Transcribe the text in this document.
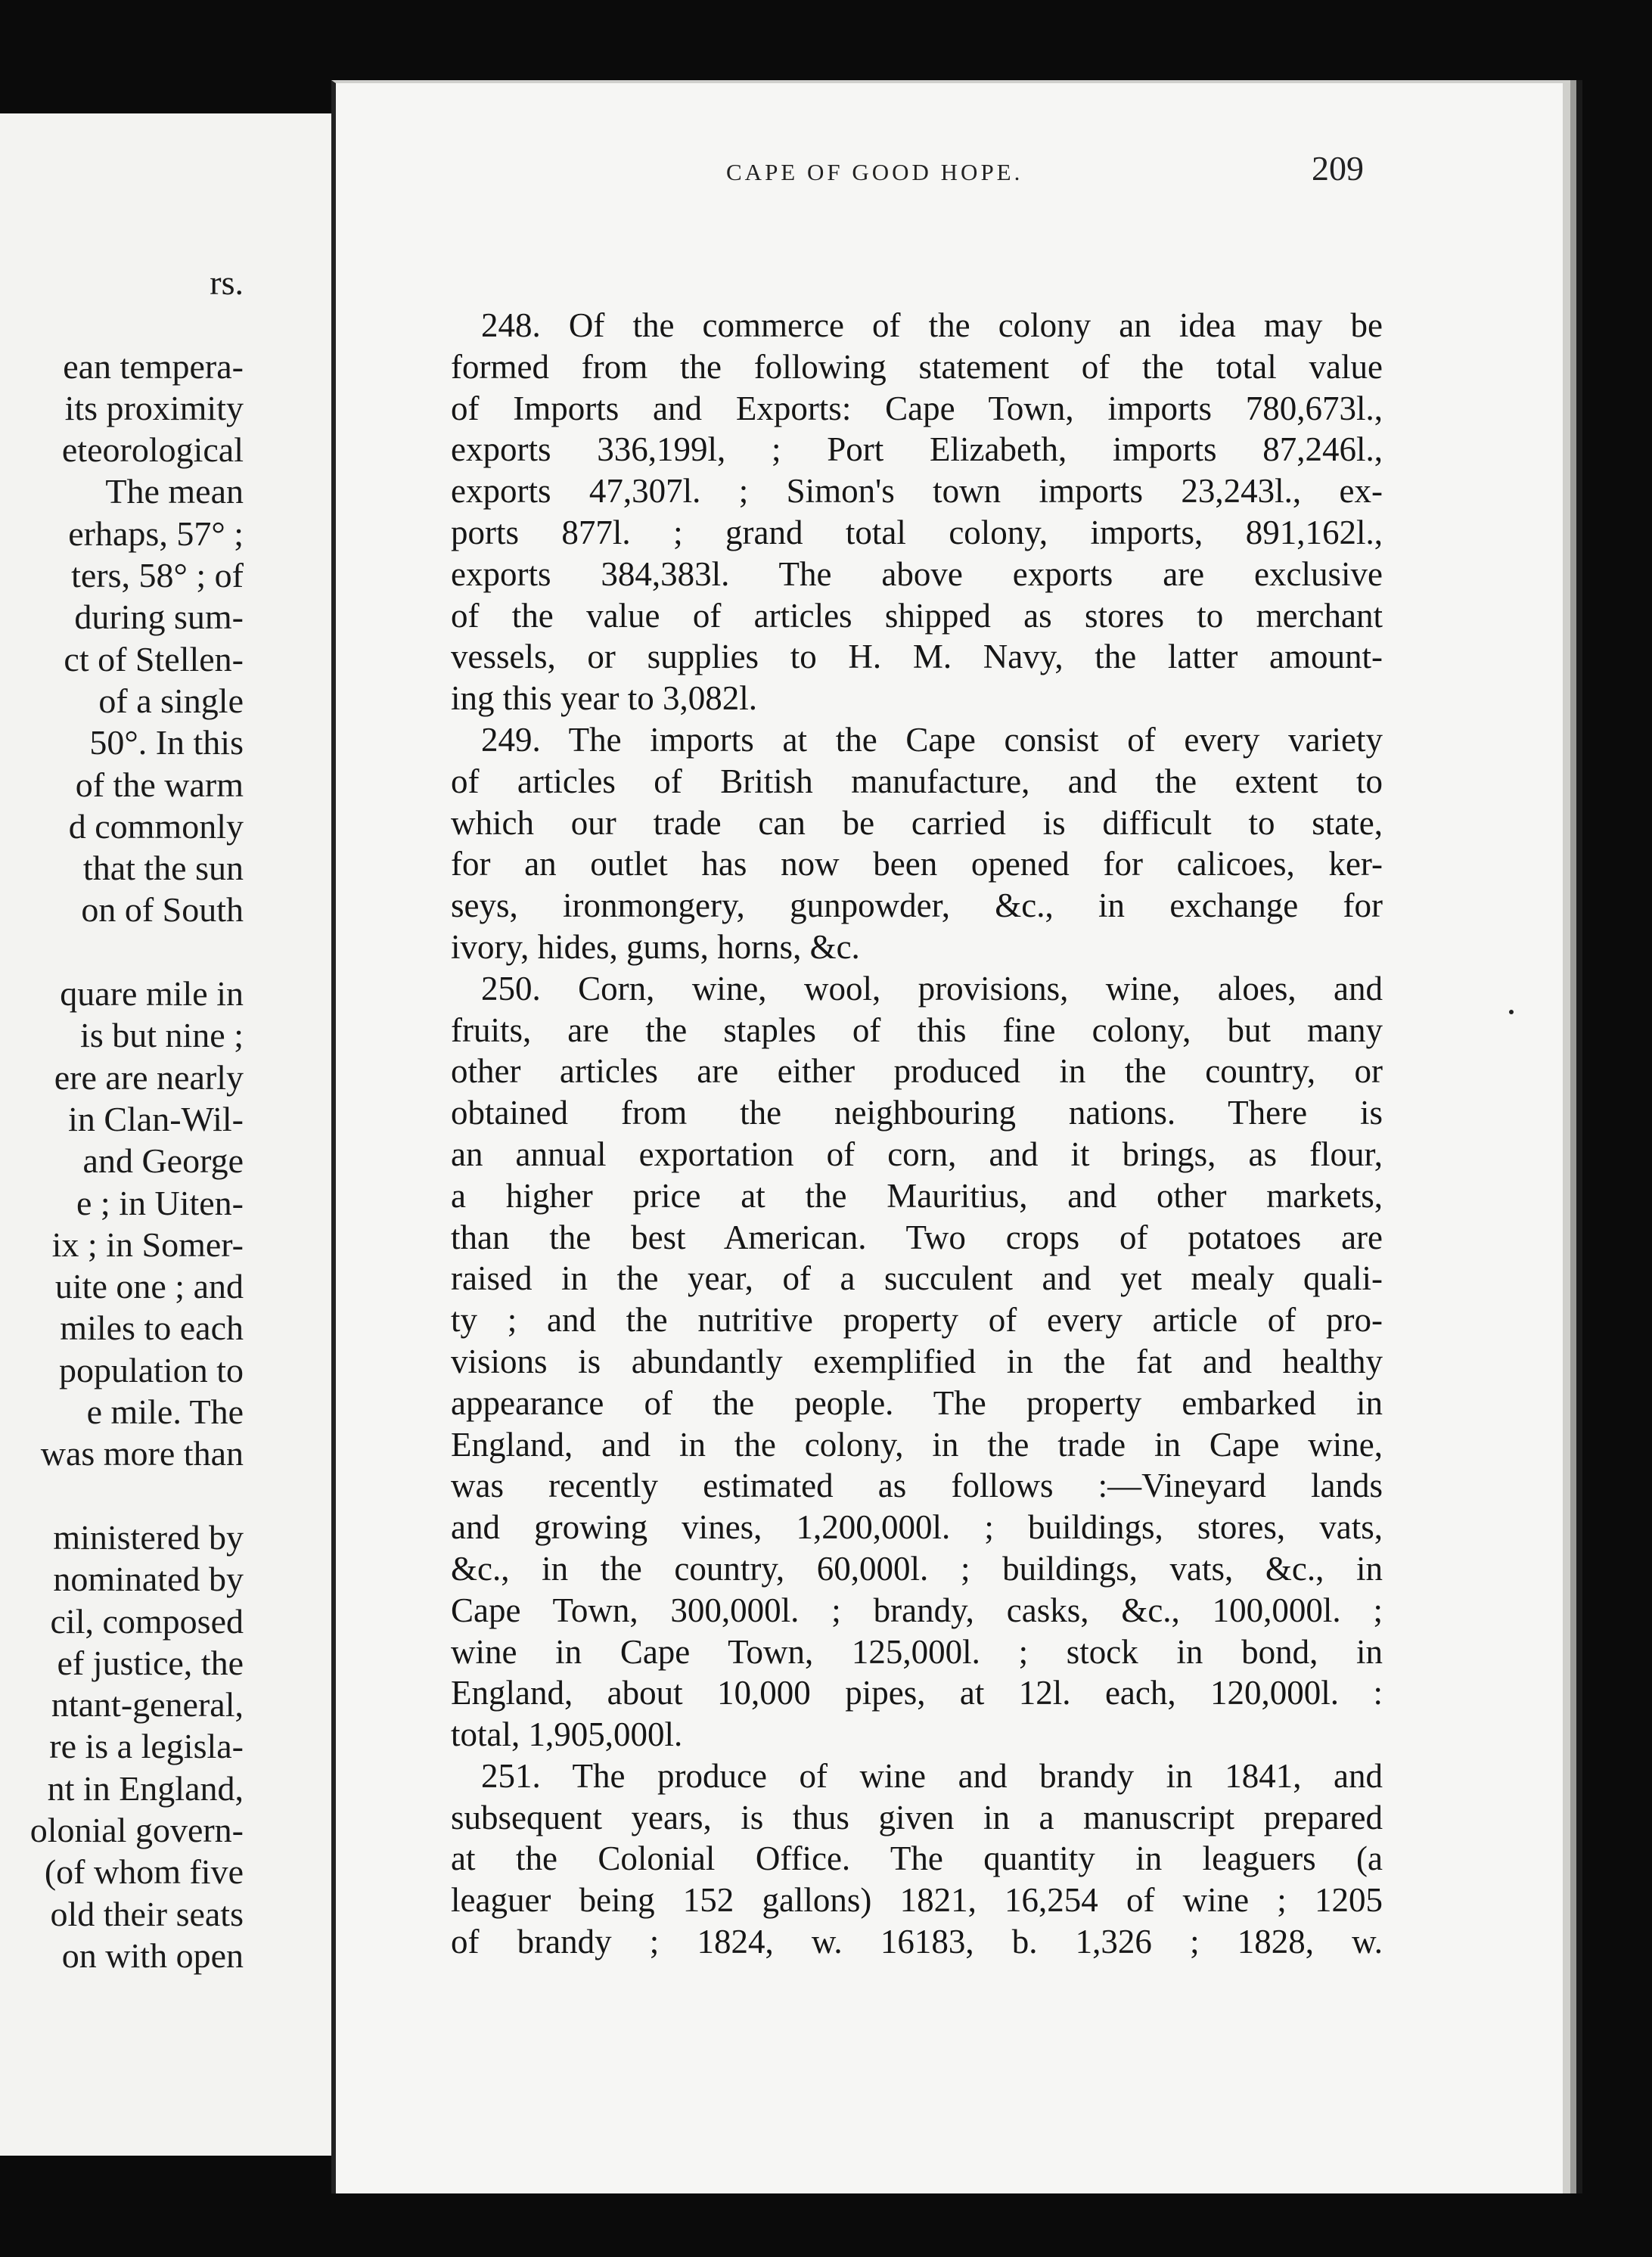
rs.
ean tempera-
its proximity
eteorological
The mean
erhaps, 57° ;
ters, 58° ; of
during sum-
ct of Stellen-
of a single
50°. In this
of the warm
d commonly
that the sun
on of South
quare mile in
is but nine ;
ere are nearly
in Clan-Wil-
and George
e ; in Uiten-
ix ; in Somer-
uite one ; and
miles to each
population to
e mile. The
was more than
ministered by
nominated by
cil, composed
ef justice, the
ntant-general,
re is a legisla-
nt in England,
olonial govern-
(of whom five
old their seats
on with open
CAPE OF GOOD HOPE.	209
248. Of the commerce of the colony an idea may be
formed from the following statement of the total value
of Imports and Exports: Cape Town, imports 780,673l.,
exports 336,199l, ; Port Elizabeth, imports 87,246l.,
exports 47,307l. ; Simon's town imports 23,243l., ex-
ports 877l. ; grand total colony, imports, 891,162l.,
exports 384,383l. The above exports are exclusive
of the value of articles shipped as stores to merchant
vessels, or supplies to H. M. Navy, the latter amount-
ing this year to 3,082l.
249. The imports at the Cape consist of every variety
of articles of British manufacture, and the extent to
which our trade can be carried is difficult to state,
for an outlet has now been opened for calicoes, ker-
seys, ironmongery, gunpowder, &c., in exchange for
ivory, hides, gums, horns, &c.
250. Corn, wine, wool, provisions, wine, aloes, and
fruits, are the staples of this fine colony, but many
other articles are either produced in the country, or
obtained from the neighbouring nations. There is
an annual exportation of corn, and it brings, as flour,
a higher price at the Mauritius, and other markets,
than the best American. Two crops of potatoes are
raised in the year, of a succulent and yet mealy quali-
ty ; and the nutritive property of every article of pro-
visions is abundantly exemplified in the fat and healthy
appearance of the people. The property embarked in
England, and in the colony, in the trade in Cape wine,
was recently estimated as follows :—Vineyard lands
and growing vines, 1,200,000l. ; buildings, stores, vats,
&c., in the country, 60,000l. ; buildings, vats, &c., in
Cape Town, 300,000l. ; brandy, casks, &c., 100,000l. ;
wine in Cape Town, 125,000l. ; stock in bond, in
England, about 10,000 pipes, at 12l. each, 120,000l. :
total, 1,905,000l.
251. The produce of wine and brandy in 1841, and
subsequent years, is thus given in a manuscript prepared
at the Colonial Office. The quantity in leaguers (a
leaguer being 152 gallons) 1821, 16,254 of wine ; 1205
of brandy ; 1824, w. 16183, b. 1,326 ; 1828, w.
